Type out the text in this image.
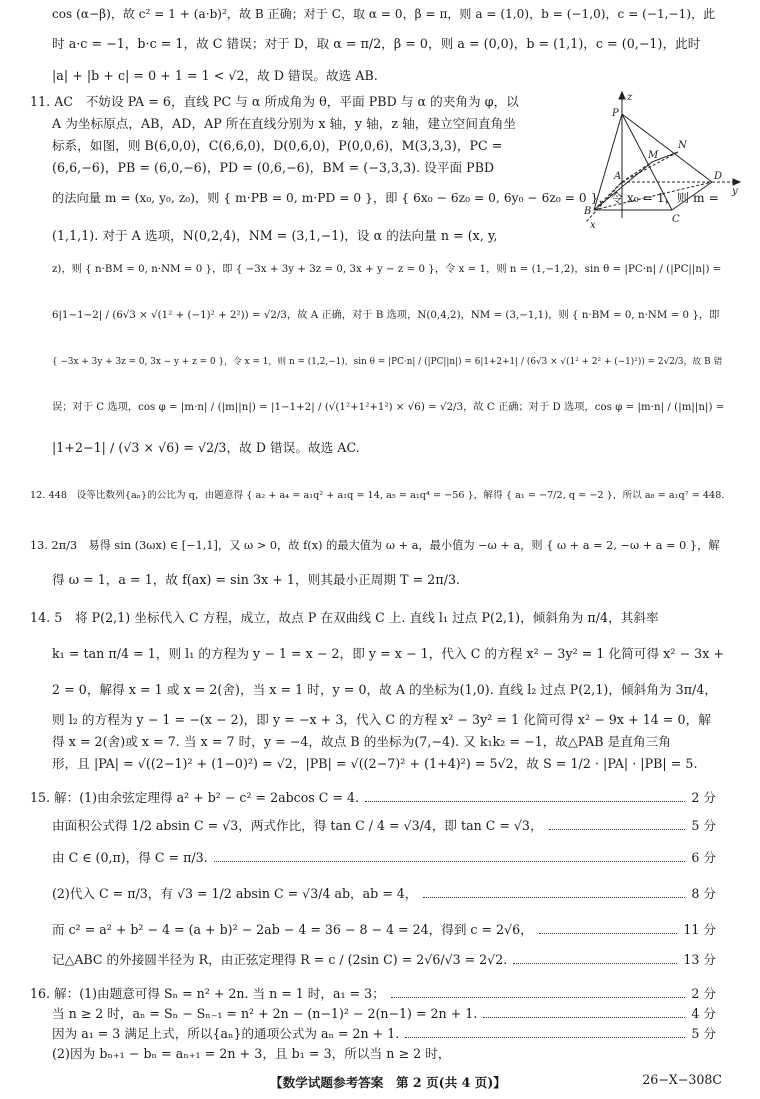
cos (α−β)，故 c² = 1 + (a·b)²，故 B 正确；对于 C，取 α = 0，β = π，则 a = (1,0)，b = (−1,0)，c = (−1,−1)，此
时 a·c = −1，b·c = 1，故 C 错误；对于 D，取 α = π/2，β = 0，则 a = (0,0)，b = (1,1)，c = (0,−1)，此时
|a| + |b + c| = 0 + 1 = 1 < √2，故 D 错误。故选 AB.
11. AC　不妨设 PA = 6，直线 PC 与 α 所成角为 θ，平面 PBD 与 α 的夹角为 φ，以
A 为坐标原点，AB，AD，AP 所在直线分别为 x 轴，y 轴，z 轴，建立空间直角坐
标系，如图，则 B(6,0,0)，C(6,6,0)，D(0,6,0)，P(0,0,6)，M(3,3,3)，PC =
(6,6,−6)，PB = (6,0,−6)，PD = (0,6,−6)，BM = (−3,3,3). 设平面 PBD
的法向量 m = (x₀, y₀, z₀)，则 { m·PB = 0, m·PD = 0 }，即 { 6x₀ − 6z₀ = 0, 6y₀ − 6z₀ = 0 }，令 x₀ = 1，则 m =
(1,1,1). 对于 A 选项，N(0,2,4)，NM = (3,1,−1)，设 α 的法向量 n = (x, y,
z)，则 { n·BM = 0, n·NM = 0 }，即 { −3x + 3y + 3z = 0, 3x + y − z = 0 }，令 x = 1，则 n = (1,−1,2)，sin θ = |PC·n| / (|PC||n|) =
6|1−1−2| / (6√3 × √(1² + (−1)² + 2²)) = √2/3，故 A 正确，对于 B 选项，N(0,4,2)，NM = (3,−1,1)，则 { n·BM = 0, n·NM = 0 }，即
{ −3x + 3y + 3z = 0, 3x − y + z = 0 }，令 x = 1，则 n = (1,2,−1)，sin θ = |PC·n| / (|PC||n|) = 6|1+2+1| / (6√3 × √(1² + 2² + (−1)²)) = 2√2/3，故 B 错
误；对于 C 选项，cos φ = |m·n| / (|m||n|) = |1−1+2| / (√(1²+1²+1²) × √6) = √2/3，故 C 正确；对于 D 选项，cos φ = |m·n| / (|m||n|) =
|1+2−1| / (√3 × √6) = √2/3，故 D 错误。故选 AC.
12. 448　设等比数列{aₙ}的公比为 q，由题意得 { a₂ + a₄ = a₁q² + a₁q = 14, a₅ = a₁q⁴ = −56 }，解得 { a₁ = −7/2, q = −2 }，所以 a₈ = a₁q⁷ = 448.
13. 2π/3　易得 sin (3ωx) ∈ [−1,1]，又 ω > 0，故 f(x) 的最大值为 ω + a，最小值为 −ω + a，则 { ω + a = 2, −ω + a = 0 }，解
得 ω = 1，a = 1，故 f(ax) = sin 3x + 1，则其最小正周期 T = 2π/3.
14. 5　将 P(2,1) 坐标代入 C 方程，成立，故点 P 在双曲线 C 上. 直线 l₁ 过点 P(2,1)，倾斜角为 π/4，其斜率
k₁ = tan π/4 = 1，则 l₁ 的方程为 y − 1 = x − 2，即 y = x − 1，代入 C 的方程 x² − 3y² = 1 化简可得 x² − 3x +
2 = 0，解得 x = 1 或 x = 2(舍)，当 x = 1 时，y = 0，故 A 的坐标为(1,0). 直线 l₂ 过点 P(2,1)，倾斜角为 3π/4，
则 l₂ 的方程为 y − 1 = −(x − 2)，即 y = −x + 3，代入 C 的方程 x² − 3y² = 1 化简可得 x² − 9x + 14 = 0，解
得 x = 2(舍)或 x = 7. 当 x = 7 时，y = −4，故点 B 的坐标为(7,−4). 又 k₁k₂ = −1，故△PAB 是直角三角
形，且 |PA| = √((2−1)² + (1−0)²) = √2，|PB| = √((2−7)² + (1+4)²) = 5√2，故 S = 1/2 · |PA| · |PB| = 5.
15. 解：(1)由余弦定理得 a² + b² − c² = 2abcos C = 4.	2 分
由面积公式得 1/2 absin C = √3，两式作比，得 tan C / 4 = √3/4，即 tan C = √3，	5 分
由 C ∈ (0,π)，得 C = π/3.	6 分
(2)代入 C = π/3，有 √3 = 1/2 absin C = √3/4 ab，ab = 4，	8 分
而 c² = a² + b² − 4 = (a + b)² − 2ab − 4 = 36 − 8 − 4 = 24，得到 c = 2√6，	11 分
记△ABC 的外接圆半径为 R，由正弦定理得 R = c / (2sin C) = 2√6/√3 = 2√2.	13 分
16. 解：(1)由题意可得 Sₙ = n² + 2n. 当 n = 1 时，a₁ = 3；	2 分
当 n ≥ 2 时，aₙ = Sₙ − Sₙ₋₁ = n² + 2n − (n−1)² − 2(n−1) = 2n + 1.	4 分
因为 a₁ = 3 满足上式，所以{aₙ}的通项公式为 aₙ = 2n + 1.	5 分
(2)因为 bₙ₊₁ − bₙ = aₙ₊₁ = 2n + 3，且 b₁ = 3，所以当 n ≥ 2 时，
z
P
M
N
A	D
y
B
C
x
【数学试题参考答案　第 2 页(共 4 页)】	26−X−308C
